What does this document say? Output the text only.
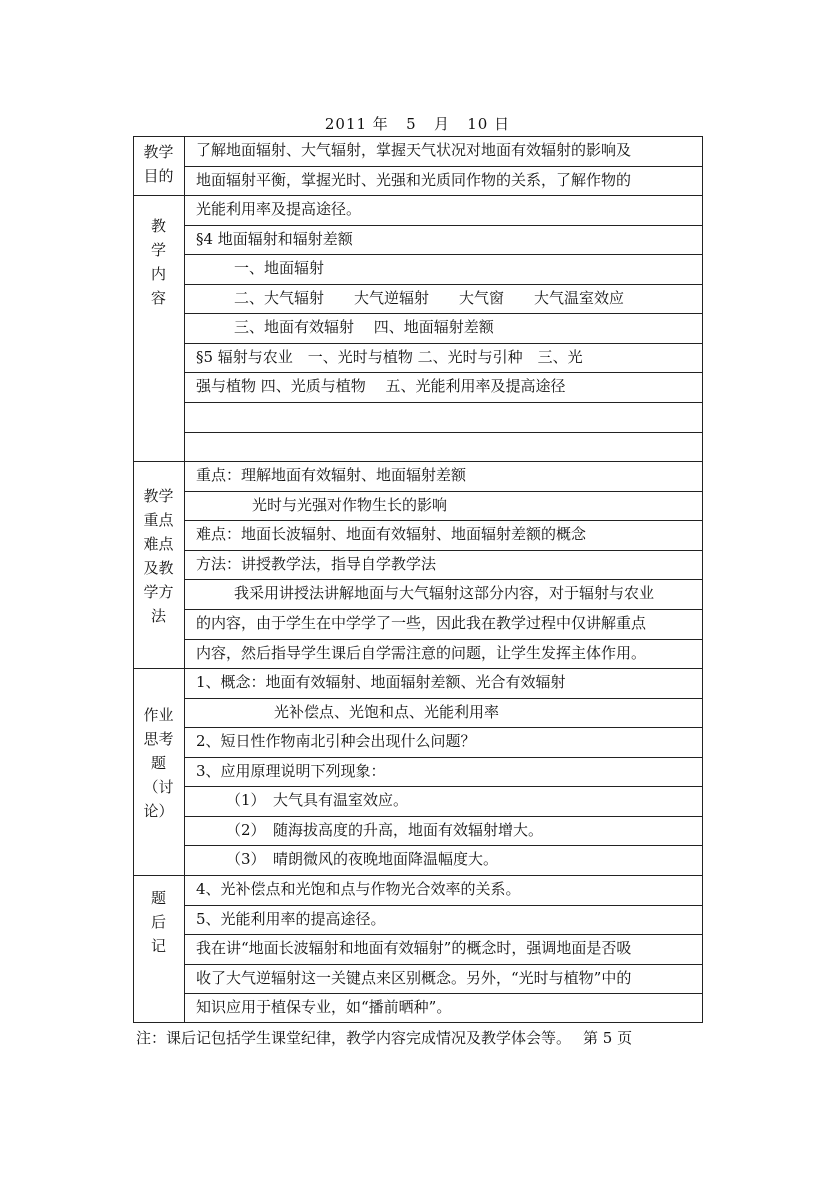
2011 年   5   月   10 日
教学
目的
了解地面辐射、大气辐射，掌握天气状况对地面有效辐射的影响及
地面辐射平衡，掌握光时、光强和光质同作物的关系，了解作物的
教
学
内
容
光能利用率及提高途径。
§4 地面辐射和辐射差额
一、地面辐射
二、大气辐射　　大气逆辐射　　大气窗　　大气温室效应
三、地面有效辐射　 四、地面辐射差额
§5 辐射与农业　一、光时与植物 二、光时与引种　三、光
强与植物 四、光质与植物　 五、光能利用率及提高途径
教学
重点
难点
及教
学方
法
重点：理解地面有效辐射、地面辐射差额
光时与光强对作物生长的影响
难点：地面长波辐射、地面有效辐射、地面辐射差额的概念
方法：讲授教学法，指导自学教学法
我采用讲授法讲解地面与大气辐射这部分内容，对于辐射与农业
的内容，由于学生在中学学了一些，因此我在教学过程中仅讲解重点
内容，然后指导学生课后自学需注意的问题，让学生发挥主体作用。
作业
思考
题
（讨
论）
1、概念：地面有效辐射、地面辐射差额、光合有效辐射
光补偿点、光饱和点、光能利用率
2、短日性作物南北引种会出现什么问题？
3、应用原理说明下列现象：
（1）　大气具有温室效应。
（2）　随海拔高度的升高，地面有效辐射增大。
（3）　晴朗微风的夜晚地面降温幅度大。
题
后
记
4、光补偿点和光饱和点与作物光合效率的关系。
5、光能利用率的提高途径。
我在讲“地面长波辐射和地面有效辐射”的概念时，强调地面是否吸
收了大气逆辐射这一关键点来区别概念。另外，“光时与植物”中的
知识应用于植保专业，如“播前晒种”。
注：课后记包括学生课堂纪律，教学内容完成情况及教学体会等。 第 5 页
